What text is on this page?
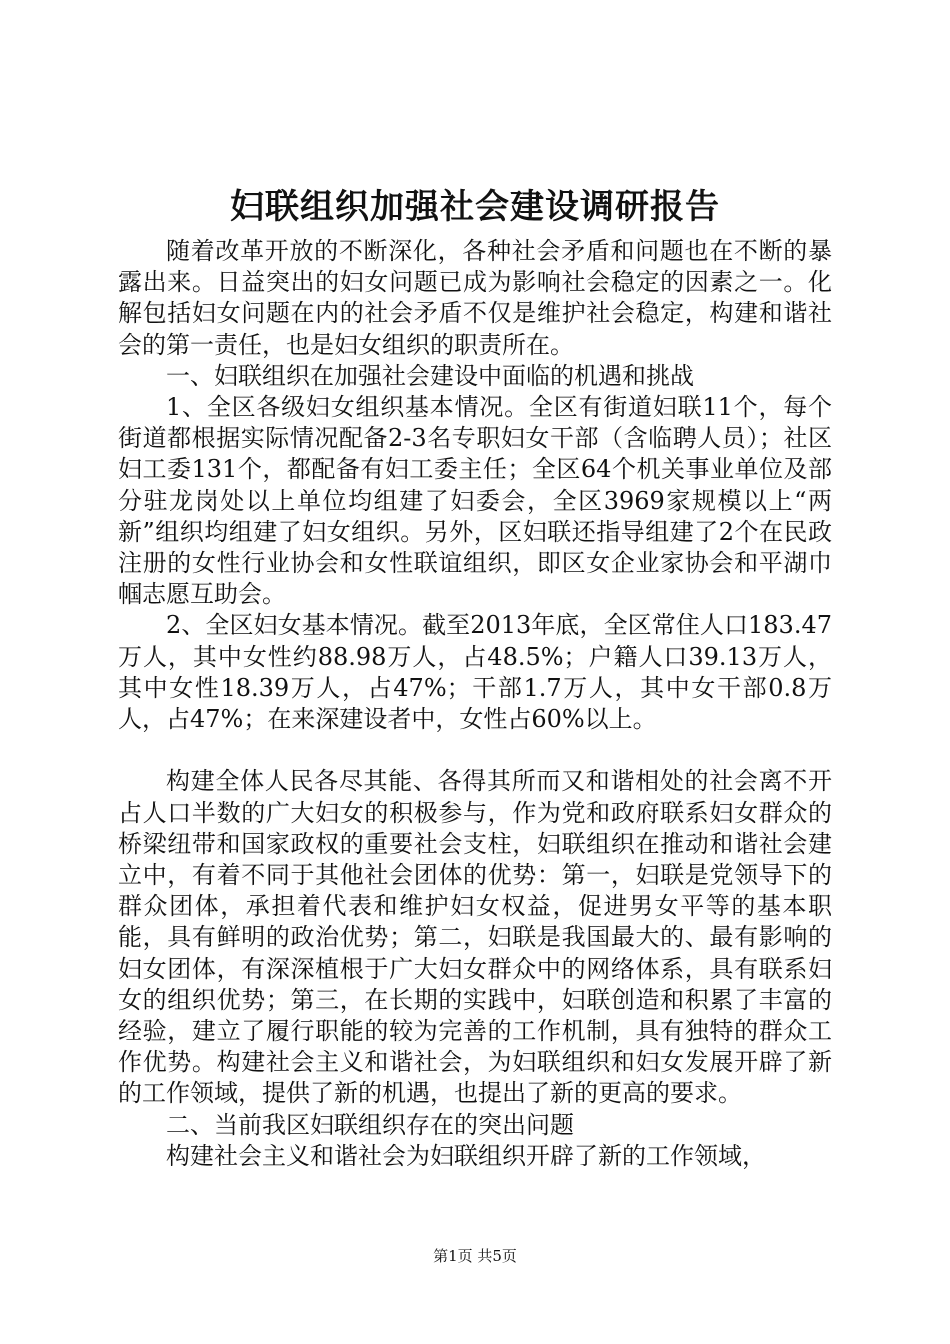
妇联组织加强社会建设调研报告

随着改革开放的不断深化，各种社会矛盾和问题也在不断的暴露出来。日益突出的妇女问题已成为影响社会稳定的因素之一。化解包括妇女问题在内的社会矛盾不仅是维护社会稳定，构建和谐社会的第一责任，也是妇女组织的职责所在。

一、妇联组织在加强社会建设中面临的机遇和挑战

1、全区各级妇女组织基本情况。全区有街道妇联11个，每个街道都根据实际情况配备2-3名专职妇女干部（含临聘人员）；社区妇工委131个，都配备有妇工委主任；全区64个机关事业单位及部分驻龙岗处以上单位均组建了妇委会，全区3969家规模以上“两新”组织均组建了妇女组织。另外，区妇联还指导组建了2个在民政注册的女性行业协会和女性联谊组织，即区女企业家协会和平湖巾帼志愿互助会。

2、全区妇女基本情况。截至2013年底，全区常住人口183.47万人，其中女性约88.98万人，占48.5%；户籍人口39.13万人，其中女性18.39万人，占47%；干部1.7万人，其中女干部0.8万人，占47%；在来深建设者中，女性占60%以上。

构建全体人民各尽其能、各得其所而又和谐相处的社会离不开占人口半数的广大妇女的积极参与，作为党和政府联系妇女群众的桥梁纽带和国家政权的重要社会支柱，妇联组织在推动和谐社会建立中，有着不同于其他社会团体的优势：第一，妇联是党领导下的群众团体，承担着代表和维护妇女权益，促进男女平等的基本职能，具有鲜明的政治优势；第二，妇联是我国最大的、最有影响的妇女团体，有深深植根于广大妇女群众中的网络体系，具有联系妇女的组织优势；第三，在长期的实践中，妇联创造和积累了丰富的经验，建立了履行职能的较为完善的工作机制，具有独特的群众工作优势。构建社会主义和谐社会，为妇联组织和妇女发展开辟了新的工作领域，提供了新的机遇，也提出了新的更高的要求。

二、当前我区妇联组织存在的突出问题

构建社会主义和谐社会为妇联组织开辟了新的工作领域，

第1页 共5页
